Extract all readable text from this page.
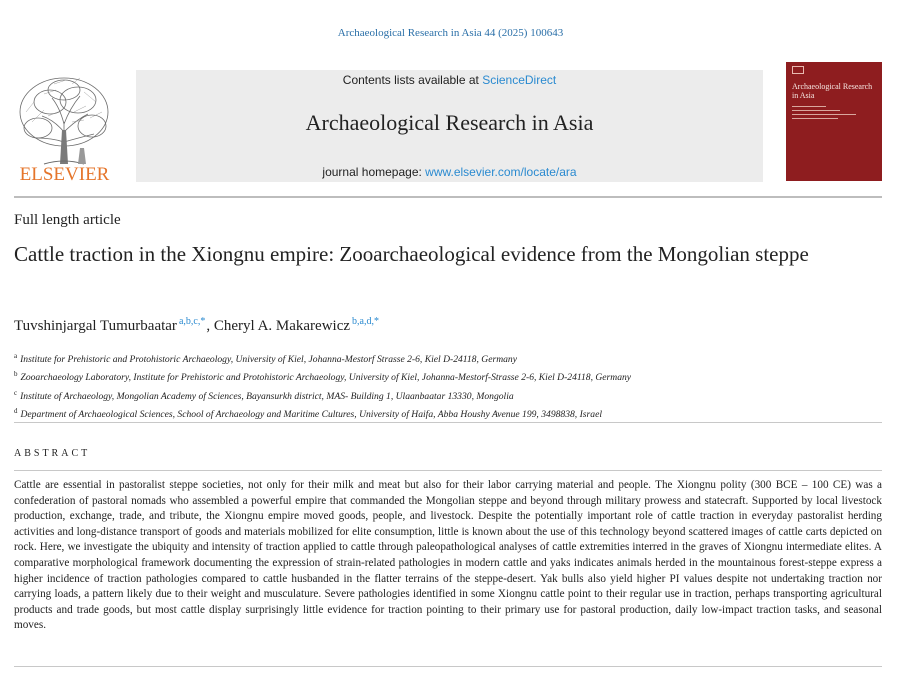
Archaeological Research in Asia 44 (2025) 100643
ELSEVIER
Contents lists available at ScienceDirect
Archaeological Research in Asia
journal homepage: www.elsevier.com/locate/ara
Archaeological Research in Asia
Full length article
Cattle traction in the Xiongnu empire: Zooarchaeological evidence from the Mongolian steppe
Tuvshinjargal Tumurbaatar $^{a,b,c,*}$, Cheryl A. Makarewicz $^{b,a,d,*}$
$^a$ Institute for Prehistoric and Protohistoric Archaeology, University of Kiel, Johanna-Mestorf Strasse 2-6, Kiel D-24118, Germany
$^b$ Zooarchaeology Laboratory, Institute for Prehistoric and Protohistoric Archaeology, University of Kiel, Johanna-Mestorf-Strasse 2-6, Kiel D-24118, Germany
$^c$ Institute of Archaeology, Mongolian Academy of Sciences, Bayansurkh district, MAS- Building 1, Ulaanbaatar 13330, Mongolia
$^d$ Department of Archaeological Sciences, School of Archaeology and Maritime Cultures, University of Haifa, Abba Houshy Avenue 199, 3498838, Israel
ABSTRACT
Cattle are essential in pastoralist steppe societies, not only for their milk and meat but also for their labor carrying material and people. The Xiongnu polity (300 BCE – 100 CE) was a confederation of pastoral nomads who assembled a powerful empire that commanded the Mongolian steppe and beyond through military prowess and statecraft. Supported by local livestock production, exchange, trade, and tribute, the Xiongnu empire moved goods, people, and livestock. Despite the potentially important role of cattle traction in everyday pastoralist herding activities and long-distance transport of goods and materials mobilized for elite consumption, little is known about the use of this technology beyond scattered images of cattle carts depicted on rock. Here, we investigate the ubiquity and intensity of traction applied to cattle through paleopathological analyses of cattle extremities interred in the graves of Xiongnu intermediate elites. A comparative morphological framework documenting the expression of strain-related pathologies in modern cattle and yaks indicates animals herded in the mountainous forest-steppe express a higher incidence of traction pathologies compared to cattle husbanded in the flatter terrains of the steppe-desert. Yak bulls also yield higher PI values despite not undertaking traction nor carrying loads, a pattern likely due to their weight and musculature. Severe pathologies identified in some Xiongnu cattle point to their regular use in traction, perhaps transporting agricultural products and trade goods, but most cattle display surprisingly little evidence for traction pointing to their primary use for pastoral production, daily low-impact traction tasks, and seasonal moves.
